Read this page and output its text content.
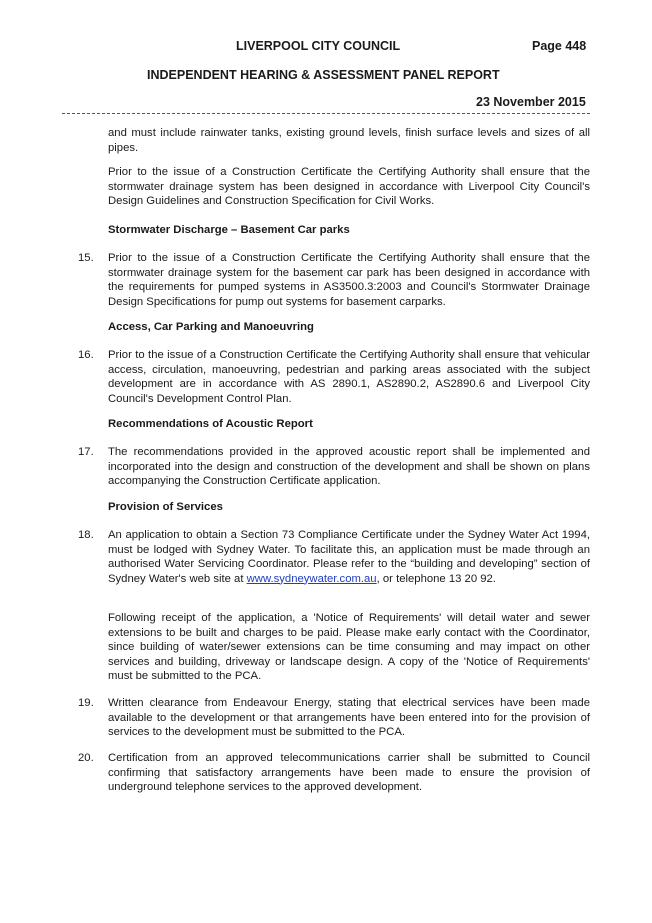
LIVERPOOL CITY COUNCIL	Page 448
INDEPENDENT HEARING & ASSESSMENT PANEL REPORT
23 November 2015

and must include rainwater tanks, existing ground levels, finish surface levels and sizes of all pipes.

Prior to the issue of a Construction Certificate the Certifying Authority shall ensure that the stormwater drainage system has been designed in accordance with Liverpool City Council's Design Guidelines and Construction Specification for Civil Works.

Stormwater Discharge – Basement Car parks

15. Prior to the issue of a Construction Certificate the Certifying Authority shall ensure that the stormwater drainage system for the basement car park has been designed in accordance with the requirements for pumped systems in AS3500.3:2003 and Council's Stormwater Drainage Design Specifications for pump out systems for basement carparks.

Access, Car Parking and Manoeuvring

16. Prior to the issue of a Construction Certificate the Certifying Authority shall ensure that vehicular access, circulation, manoeuvring, pedestrian and parking areas associated with the subject development are in accordance with AS 2890.1, AS2890.2, AS2890.6 and Liverpool City Council's Development Control Plan.

Recommendations of Acoustic Report

17. The recommendations provided in the approved acoustic report shall be implemented and incorporated into the design and construction of the development and shall be shown on plans accompanying the Construction Certificate application.

Provision of Services

18. An application to obtain a Section 73 Compliance Certificate under the Sydney Water Act 1994, must be lodged with Sydney Water. To facilitate this, an application must be made through an authorised Water Servicing Coordinator. Please refer to the “building and developing” section of Sydney Water's web site at www.sydneywater.com.au, or telephone 13 20 92.

Following receipt of the application, a 'Notice of Requirements' will detail water and sewer extensions to be built and charges to be paid. Please make early contact with the Coordinator, since building of water/sewer extensions can be time consuming and may impact on other services and building, driveway or landscape design. A copy of the 'Notice of Requirements' must be submitted to the PCA.

19. Written clearance from Endeavour Energy, stating that electrical services have been made available to the development or that arrangements have been entered into for the provision of services to the development must be submitted to the PCA.

20. Certification from an approved telecommunications carrier shall be submitted to Council confirming that satisfactory arrangements have been made to ensure the provision of underground telephone services to the approved development.
